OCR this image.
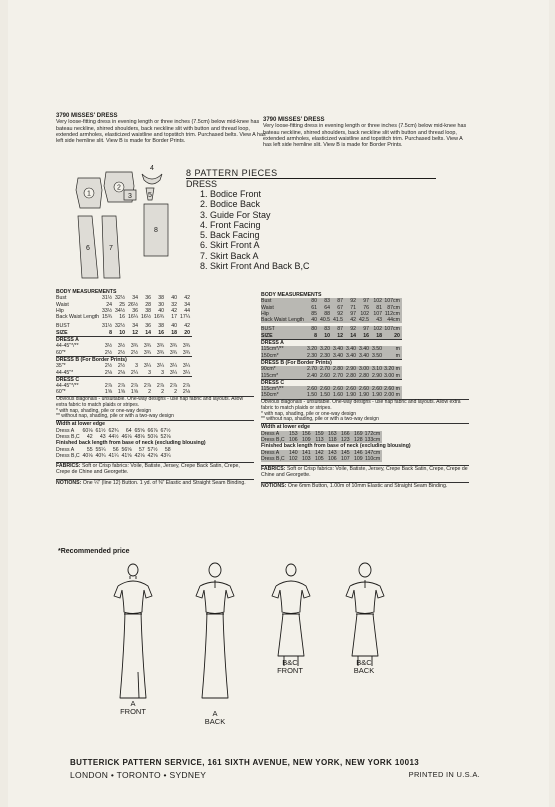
3790 MISSES' DRESS
Very loose-fitting dress in evening length or three inches (7.5cm) below mid-knee has bateau neckline, shirred shoulders, back neckline slit with button and thread loop, extended armholes, elasticized waistline and topstitch trim. Purchased belts. View A has left side hemline slit. View B is made for Border Prints.
3790 MISSES' DRESS
Very loose-fitting dress in evening length or three inches (7.5cm) below mid-knee has bateau neckline, shirred shoulders, back neckline slit with button and thread loop, extended armholes, elasticized waistline and topstitch trim. Purchased belts. View A has left side hemline slit. View B is made for Border Prints.
1
2
3
4
5
6	7
8
8 PATTERN PIECES
DRESS
1. Bodice Front
2. Bodice Back
3. Guide For Stay
4. Front Facing
5. Back Facing
6. Skirt Front A
7. Skirt Back A
8. Skirt Front And Back B,C
BODY MEASUREMENTS
Bust	31½	32½	34	36	38	40	42
Waist	24	25	26½	28	30	32	34
Hip	33½	34½	36	38	40	42	44
Back Waist Length	15¾	16	16¼	16½	16¾	17	17¼

BUST	31½	32½	34	36	38	40	42
SIZE	8	10	12	14	16	18	20
DRESS A							
44-45"*/**	3½	3½	3¾	3¾	3¾	3¾	3¾
60"*	2½	2½	2½	3¾	3¾	3¾	3¾
DRESS B (For Border Prints)							
35"*	2½	2½	3	3¼	3¼	3¼	3¼
44-45"*	2⅛	2⅛	2¼	3	3	3¼	3¼
DRESS C							
44-45"*/**	2⅞	2⅞	2⅞	2⅞	2⅞	2⅞	2⅞
60"*	1⅝	1⅝	1⅝	2	2	2	2⅛
Obvious diagonals - unsuitable. One-way designs - use nap fabric and layouts. Allow extra fabric to match plaids or stripes.
* with nap, shading, pile or one-way design
** without nap, shading, pile or with a two-way design
Width at lower edge
Dress A	60⅛	61½	62¾	64	65⅝	66⅞	67½
Dress B,C	42	43	44½	46⅛	48⅛	50⅛	52⅛
Finished back length from base of neck (excluding blousing)
Dress A	55	55¼	56	56⅝	57	57½	58
Dress B,C	40⅛	40¾	41¼	41⅝	42⅛	42⅝	43¼
FABRICS: Soft or Crisp fabrics: Voile, Batiste, Jersey, Crepe Back Satin, Crepe, Crepe de Chine and Georgette.
NOTIONS: One ¼" (line 12) Button. 1 yd. of ⅜" Elastic and Straight Seam Binding.
BODY MEASUREMENTS
Bust	80	83	87	92	97	102	107cm
Waist	61	64	67	71	76	81	87cm
Hip	85	88	92	97	102	107	112cm
Back Waist Length	40	40.5	41.5	42	42.5	43	44cm

BUST	80	83	87	92	97	102	107cm
SIZE	8	10	12	14	16	18	20
DRESS A							
115cm*/**	3.20	3.20	3.40	3.40	3.40	3.50	m
150cm*	2.30	2.30	3.40	3.40	3.40	3.50	m
DRESS B (For Border Prints)							
90cm*	2.70	2.70	2.80	2.90	3.00	3.10	3.20 m
115cm*	2.40	2.60	2.70	2.80	2.80	2.90	3.00 m
DRESS C							
115cm*/**	2.60	2.60	2.60	2.60	2.60	2.60	2.60 m
150cm*	1.50	1.50	1.60	1.90	1.90	1.90	2.00 m
Obvious diagonals - unsuitable. One-way designs - use nap fabric and layouts. Allow extra fabric to match plaids or stripes.
* with nap, shading, pile or one-way design
** without nap, shading, pile or with a two-way design
Width at lower edge
Dress A	153	156	159	163	166	169	172cm
Dress B,C	106	109	113	118	123	128	133cm
Finished back length from base of neck (excluding blousing)
Dress A	140	141	142	143	145	146	147cm
Dress B,C	102	103	105	106	107	109	110cm
FABRICS: Soft or Crisp fabrics: Voile, Batiste, Jersey, Crepe Back Satin, Crepe, Crepe de Chine and Georgette.
NOTIONS: One 6mm Button, 1.00m of 10mm Elastic and Straight Seam Binding.
*Recommended price
A
FRONT	A
BACK
B&C
FRONT
B&C
BACK
BUTTERICK PATTERN SERVICE, 161 SIXTH AVENUE, NEW YORK, NEW YORK 10013
LONDON • TORONTO • SYDNEY	PRINTED IN U.S.A.
